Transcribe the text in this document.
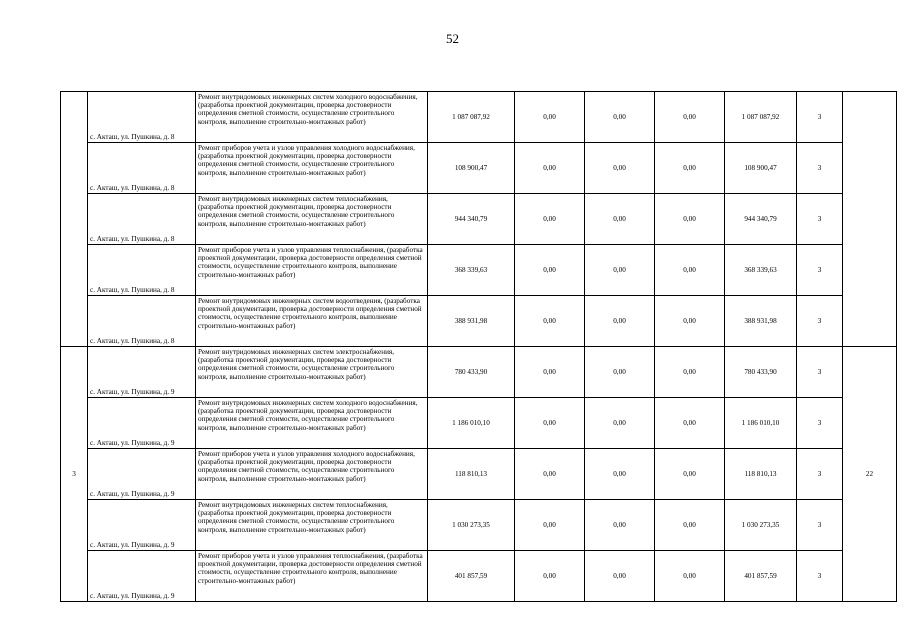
52
	с. Акташ, ул. Пушкина, д. 8	Ремонт внутридомовых инженерных систем холодного водоснабжения, (разработка проектной документации, проверка достоверности определения сметной стоимости, осуществление строительного контроля, выполнение строительно-монтажных работ)	1 087 087,92	0,00	0,00	0,00	1 087 087,92	3	
	с. Акташ, ул. Пушкина, д. 8	Ремонт приборов учета и узлов управления холодного водоснабжения, (разработка проектной документации, проверка достоверности определения сметной стоимости, осуществление строительного контроля, выполнение строительно-монтажных работ)	108 900,47	0,00	0,00	0,00	108 900,47	3	
	с. Акташ, ул. Пушкина, д. 8	Ремонт внутридомовых инженерных систем теплоснабжения, (разработка проектной документации, проверка достоверности определения сметной стоимости, осуществление строительного контроля, выполнение строительно-монтажных работ)	944 340,79	0,00	0,00	0,00	944 340,79	3	
	с. Акташ, ул. Пушкина, д. 8	Ремонт приборов учета и узлов управления теплоснабжения, (разработка проектной документации, проверка достоверности определения сметной стоимости, осуществление строительного контроля, выполнение строительно-монтажных работ)	368 339,63	0,00	0,00	0,00	368 339,63	3	
	с. Акташ, ул. Пушкина, д. 8	Ремонт внутридомовых инженерных систем водоотведения, (разработка проектной документации, проверка достоверности определения сметной стоимости, осуществление строительного контроля, выполнение строительно-монтажных работ)	388 931,98	0,00	0,00	0,00	388 931,98	3	
3	с. Акташ, ул. Пушкина, д. 9	Ремонт внутридомовых инженерных систем электроснабжения, (разработка проектной документации, проверка достоверности определения сметной стоимости, осуществление строительного контроля, выполнение строительно-монтажных работ)	780 433,90	0,00	0,00	0,00	780 433,90	3	22
	с. Акташ, ул. Пушкина, д. 9	Ремонт внутридомовых инженерных систем холодного водоснабжения, (разработка проектной документации, проверка достоверности определения сметной стоимости, осуществление строительного контроля, выполнение строительно-монтажных работ)	1 186 010,10	0,00	0,00	0,00	1 186 010,10	3	
	с. Акташ, ул. Пушкина, д. 9	Ремонт приборов учета и узлов управления холодного водоснабжения, (разработка проектной документации, проверка достоверности определения сметной стоимости, осуществление строительного контроля, выполнение строительно-монтажных работ)	118 810,13	0,00	0,00	0,00	118 810,13	3	
	с. Акташ, ул. Пушкина, д. 9	Ремонт внутридомовых инженерных систем теплоснабжения, (разработка проектной документации, проверка достоверности определения сметной стоимости, осуществление строительного контроля, выполнение строительно-монтажных работ)	1 030 273,35	0,00	0,00	0,00	1 030 273,35	3	
	с. Акташ, ул. Пушкина, д. 9	Ремонт приборов учета и узлов управления теплоснабжения, (разработка проектной документации, проверка достоверности определения сметной стоимости, осуществление строительного контроля, выполнение строительно-монтажных работ)	401 857,59	0,00	0,00	0,00	401 857,59	3	
